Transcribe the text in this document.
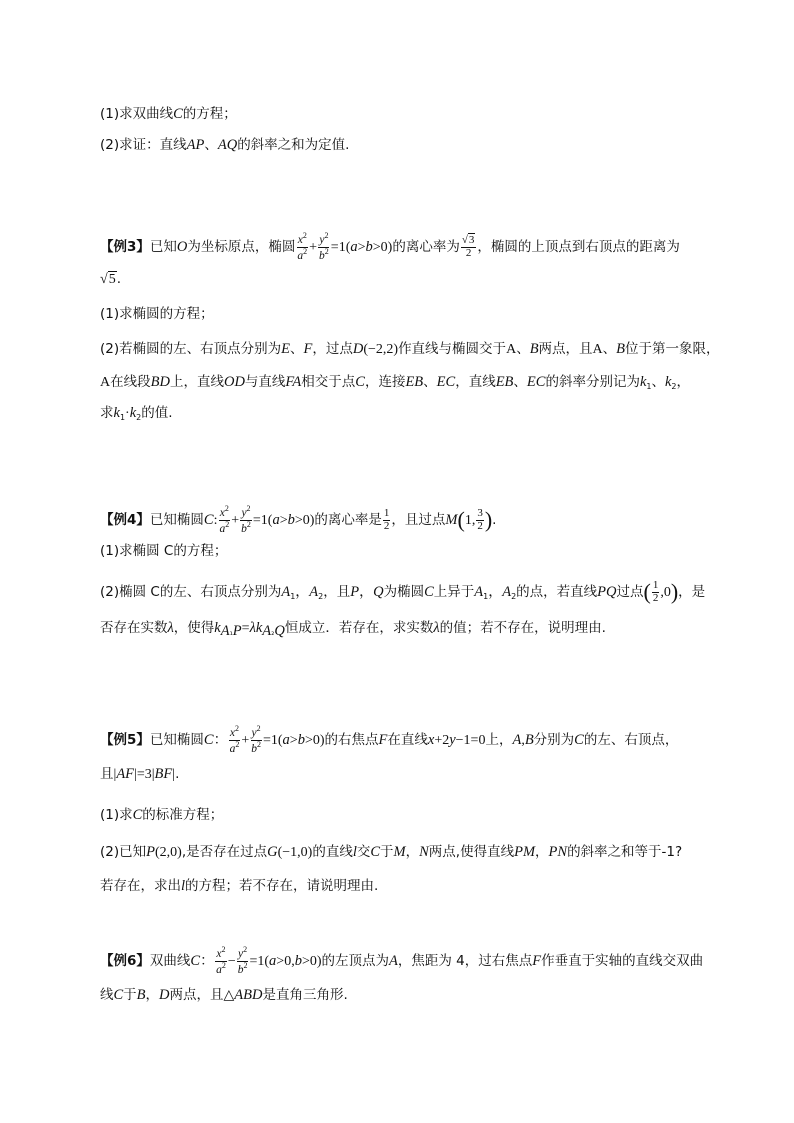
(1)求双曲线C的方程；
(2)求证：直线AP、AQ的斜率之和为定值.
【例3】已知O为坐标原点，椭圆 $\frac{x^2}{a^2} + \frac{y^2}{b^2} =1(a>b>0)$的离心率为 $\frac{√3}{2}$ ，椭圆的上顶点到右顶点的距离为
√5.
(1)求椭圆的方程；
(2)若椭圆的左、右顶点分别为E、F，过点D(−2,2)作直线与椭圆交于A、B两点，且A、B位于第一象限，
A在线段BD上，直线OD与直线FA相交于点C，连接EB、EC，直线EB、EC的斜率分别记为$k_1$、$k_2$，
求$k_1\cdot k_2$的值.
【例4】已知椭圆C: $\frac{x^2}{a^2} + \frac{y^2}{b^2} =1(a>b>0)$的离心率是 $\frac{1}{2}$ ，且过点M(1, $\frac{3}{2}$ ).
(1)求椭圆 C的方程；
(2)椭圆 C的左、右顶点分别为$A_1$，$A_2$，且P，Q为椭圆C上异于$A_1$，$A_2$的点，若直线PQ过点( $\frac{1}{2} ,0$)，是
否存在实数λ，使得$k_{A_1P}=\lambda k_{A_2Q}$恒成立．若存在，求实数λ的值；若不存在，说明理由.
【例5】已知椭圆C： $\frac{x^2}{a^2} + \frac{y^2}{b^2} =1(a>b>0)$的右焦点F在直线x+2y−1=0上，A,B分别为C的左、右顶点，
且|AF|=3|BF|.
(1)求C的标准方程；
(2)已知P(2,0),是否存在过点G(−1,0)的直线l交C于M，N两点,使得直线PM，PN的斜率之和等于-1?
若存在，求出l的方程；若不存在，请说明理由.
【例6】双曲线C： $\frac{x^2}{a^2} - \frac{y^2}{b^2} =1(a>0,b>0)$的左顶点为A，焦距为 4，过右焦点F作垂直于实轴的直线交双曲
线C于B，D两点，且△ABD是直角三角形.
